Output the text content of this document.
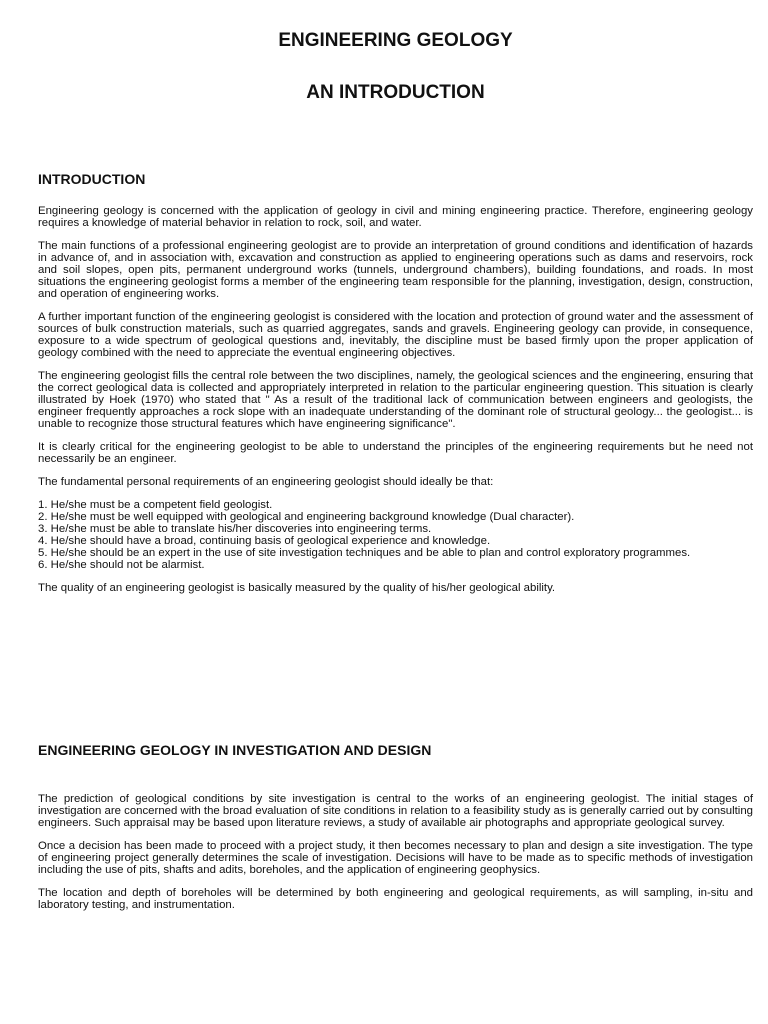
ENGINEERING GEOLOGY
AN INTRODUCTION
INTRODUCTION

Engineering geology is concerned with the application of geology in civil and mining engineering practice. Therefore, engineering geology requires a knowledge of material behavior in relation to rock, soil, and water.

The main functions of a professional engineering geologist are to provide an interpretation of ground conditions and identification of hazards in advance of, and in association with, excavation and construction as applied to engineering operations such as dams and reservoirs, rock and soil slopes, open pits, permanent underground works (tunnels, underground chambers), building foundations, and roads. In most situations the engineering geologist forms a member of the engineering team responsible for the planning, investigation, design, construction, and operation of engineering works.

A further important function of the engineering geologist is considered with the location and protection of ground water and the assessment of sources of bulk construction materials, such as quarried aggregates, sands and gravels. Engineering geology can provide, in consequence, exposure to a wide spectrum of geological questions and, inevitably, the discipline must be based firmly upon the proper application of geology combined with the need to appreciate the eventual engineering objectives.

The engineering geologist fills the central role between the two disciplines, namely, the geological sciences and the engineering, ensuring that the correct geological data is collected and appropriately interpreted in relation to the particular engineering question. This situation is clearly illustrated by Hoek (1970) who stated that " As a result of the traditional lack of communication between engineers and geologists, the engineer frequently approaches a rock slope with an inadequate understanding of the dominant role of structural geology... the geologist... is unable to recognize those structural features which have engineering significance".

It is clearly critical for the engineering geologist to be able to understand the principles of the engineering requirements but he need not necessarily be an engineer.

The fundamental personal requirements of an engineering geologist should ideally be that:

1. He/she must be a competent field geologist.
2. He/she must be well equipped with geological and engineering background knowledge (Dual character).
3. He/she must be able to translate his/her discoveries into engineering terms.
4. He/she should have a broad, continuing basis of geological experience and knowledge.
5. He/she should be an expert in the use of site investigation techniques and be able to plan and control exploratory programmes.
6. He/she should not be alarmist.

The quality of an engineering geologist is basically measured by the quality of his/her geological ability.

ENGINEERING GEOLOGY IN INVESTIGATION AND DESIGN

The prediction of geological conditions by site investigation is central to the works of an engineering geologist. The initial stages of investigation are concerned with the broad evaluation of site conditions in relation to a feasibility study as is generally carried out by consulting engineers. Such appraisal may be based upon literature reviews, a study of available air photographs and appropriate geological survey.

Once a decision has been made to proceed with a project study, it then becomes necessary to plan and design a site investigation. The type of engineering project generally determines the scale of investigation. Decisions will have to be made as to specific methods of investigation including the use of pits, shafts and adits, boreholes, and the application of engineering geophysics.

The location and depth of boreholes will be determined by both engineering and geological requirements, as will sampling, in-situ and laboratory testing, and instrumentation.
